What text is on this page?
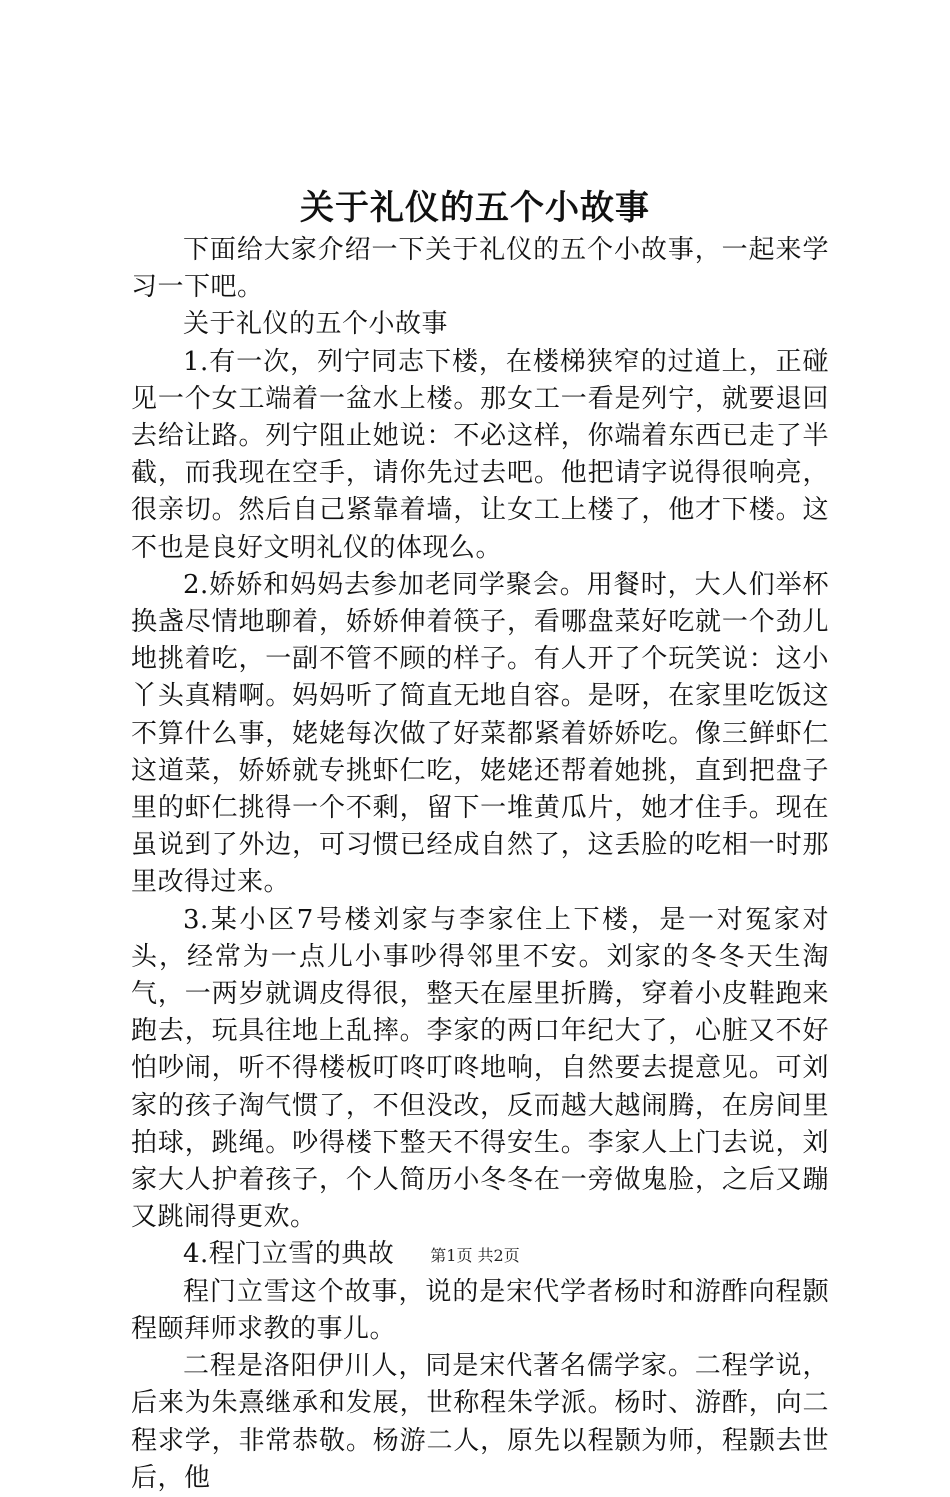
关于礼仪的五个小故事

下面给大家介绍一下关于礼仪的五个小故事，一起来学习一下吧。

关于礼仪的五个小故事

1.有一次，列宁同志下楼，在楼梯狭窄的过道上，正碰见一个女工端着一盆水上楼。那女工一看是列宁，就要退回去给让路。列宁阻止她说：不必这样，你端着东西已走了半截，而我现在空手，请你先过去吧。他把请字说得很响亮，很亲切。然后自己紧靠着墙，让女工上楼了，他才下楼。这不也是良好文明礼仪的体现么。

2.娇娇和妈妈去参加老同学聚会。用餐时，大人们举杯换盏尽情地聊着，娇娇伸着筷子，看哪盘菜好吃就一个劲儿地挑着吃，一副不管不顾的样子。有人开了个玩笑说：这小丫头真精啊。妈妈听了简直无地自容。是呀，在家里吃饭这不算什么事，姥姥每次做了好菜都紧着娇娇吃。像三鲜虾仁这道菜，娇娇就专挑虾仁吃，姥姥还帮着她挑，直到把盘子里的虾仁挑得一个不剩，留下一堆黄瓜片，她才住手。现在虽说到了外边，可习惯已经成自然了，这丢脸的吃相一时那里改得过来。

3.某小区7号楼刘家与李家住上下楼，是一对冤家对头，经常为一点儿小事吵得邻里不安。刘家的冬冬天生淘气，一两岁就调皮得很，整天在屋里折腾，穿着小皮鞋跑来跑去，玩具往地上乱摔。李家的两口年纪大了，心脏又不好怕吵闹，听不得楼板叮咚叮咚地响，自然要去提意见。可刘家的孩子淘气惯了，不但没改，反而越大越闹腾，在房间里拍球，跳绳。吵得楼下整天不得安生。李家人上门去说，刘家大人护着孩子，个人简历小冬冬在一旁做鬼脸，之后又蹦又跳闹得更欢。

4.程门立雪的典故

程门立雪这个故事，说的是宋代学者杨时和游酢向程颢程颐拜师求教的事儿。

二程是洛阳伊川人，同是宋代著名儒学家。二程学说，后来为朱熹继承和发展，世称程朱学派。杨时、游酢，向二程求学，非常恭敬。杨游二人，原先以程颢为师，程颢去世后，他

第1页 共2页
